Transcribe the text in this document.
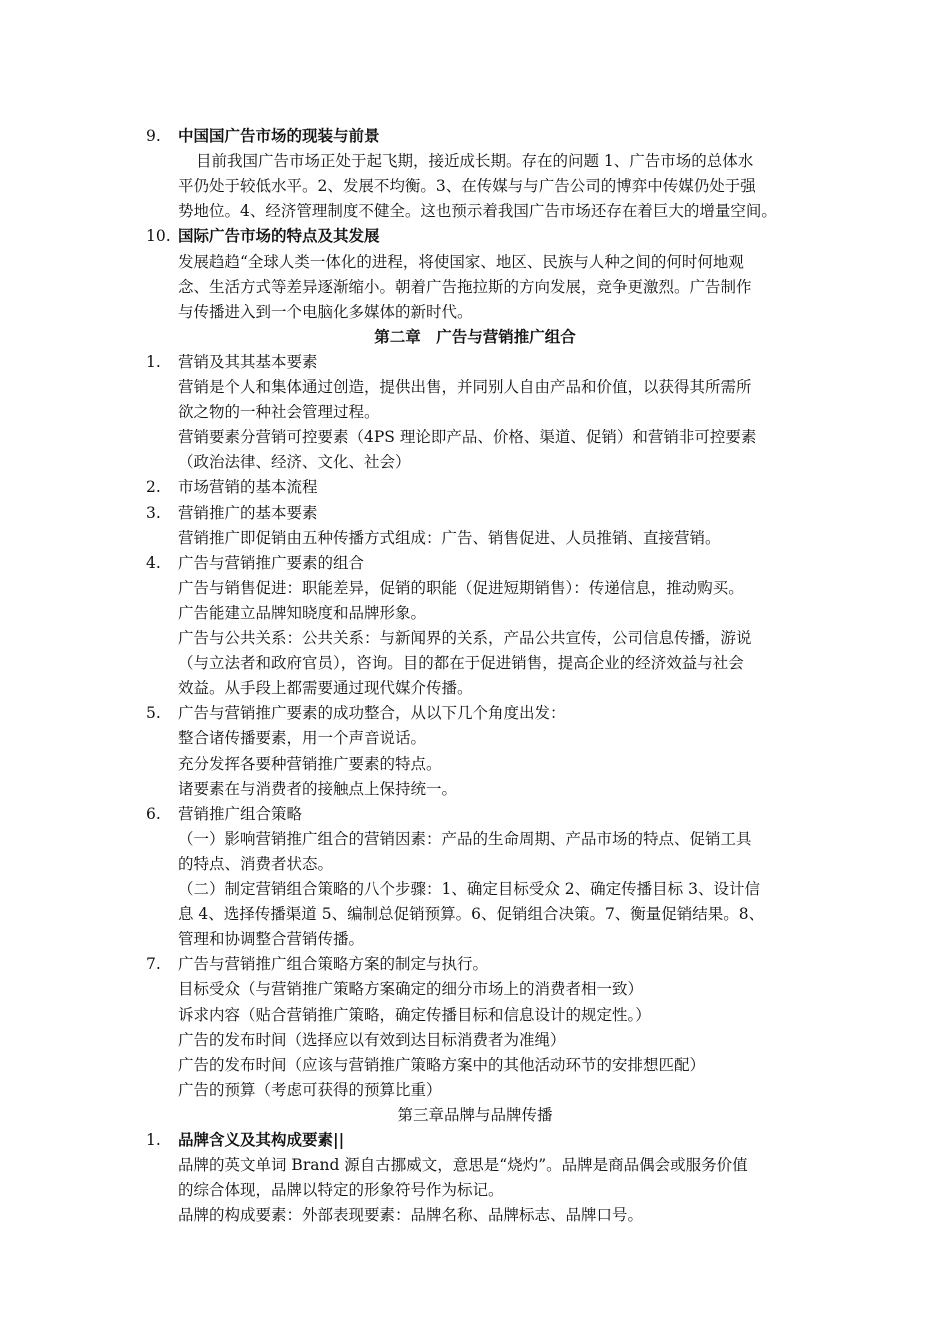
9. 中国国广告市场的现装与前景
目前我国广告市场正处于起飞期，接近成长期。存在的问题 1、广告市场的总体水
平仍处于较低水平。2、发展不均衡。3、在传媒与与广告公司的博弈中传媒仍处于强
势地位。4、经济管理制度不健全。这也预示着我国广告市场还存在着巨大的增量空间。
10. 国际广告市场的特点及其发展
发展趋趋“全球人类一体化的进程，将使国家、地区、民族与人种之间的何时何地观
念、生活方式等差异逐渐缩小。朝着广告拖拉斯的方向发展，竞争更激烈。广告制作
与传播进入到一个电脑化多媒体的新时代。
第二章　广告与营销推广组合
1. 营销及其其基本要素
营销是个人和集体通过创造，提供出售，并同别人自由产品和价值，以获得其所需所
欲之物的一种社会管理过程。
营销要素分营销可控要素（4PS 理论即产品、价格、渠道、促销）和营销非可控要素
（政治法律、经济、文化、社会）
2. 市场营销的基本流程
3. 营销推广的基本要素
营销推广即促销由五种传播方式组成：广告、销售促进、人员推销、直接营销。
4. 广告与营销推广要素的组合
广告与销售促进：职能差异，促销的职能（促进短期销售）：传递信息，推动购买。
广告能建立品牌知晓度和品牌形象。
广告与公共关系：公共关系：与新闻界的关系，产品公共宣传，公司信息传播，游说
（与立法者和政府官员），咨询。目的都在于促进销售，提高企业的经济效益与社会
效益。从手段上都需要通过现代媒介传播。
5. 广告与营销推广要素的成功整合，从以下几个角度出发：
整合诸传播要素，用一个声音说话。
充分发挥各要种营销推广要素的特点。
诸要素在与消费者的接触点上保持统一。
6. 营销推广组合策略
（一）影响营销推广组合的营销因素：产品的生命周期、产品市场的特点、促销工具
的特点、消费者状态。
（二）制定营销组合策略的八个步骤：1、确定目标受众 2、确定传播目标 3、设计信
息 4、选择传播渠道 5、编制总促销预算。6、促销组合决策。7、衡量促销结果。8、
管理和协调整合营销传播。
7. 广告与营销推广组合策略方案的制定与执行。
目标受众（与营销推广策略方案确定的细分市场上的消费者相一致）
诉求内容（贴合营销推广策略，确定传播目标和信息设计的规定性。）
广告的发布时间（选择应以有效到达目标消费者为准绳）
广告的发布时间（应该与营销推广策略方案中的其他活动环节的安排想匹配）
广告的预算（考虑可获得的预算比重）
第三章品牌与品牌传播
1. 品牌含义及其构成要素||
品牌的英文单词 Brand 源自古挪威文，意思是“烧灼”。品牌是商品偶会或服务价值
的综合体现，品牌以特定的形象符号作为标记。
品牌的构成要素：外部表现要素：品牌名称、品牌标志、品牌口号。
